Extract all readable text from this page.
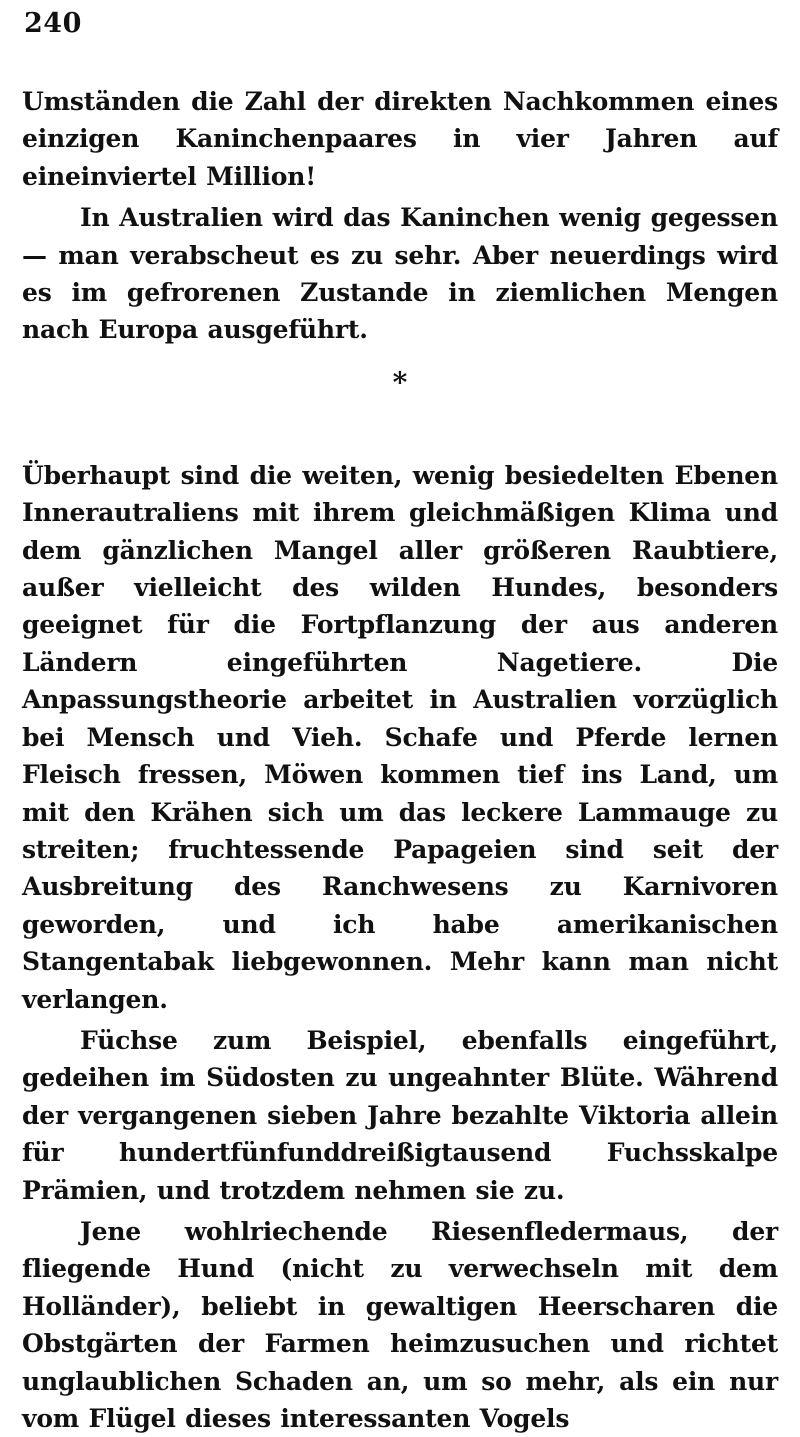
240

Umständen die Zahl der direkten Nachkommen eines einzigen Kaninchenpaares in vier Jahren auf eineinviertel Million!

In Australien wird das Kaninchen wenig gegessen — man verabscheut es zu sehr. Aber neuerdings wird es im gefrorenen Zustande in ziemlichen Mengen nach Europa ausgeführt.

*

Überhaupt sind die weiten, wenig besiedelten Ebenen Innerautraliens mit ihrem gleichmäßigen Klima und dem gänzlichen Mangel aller größeren Raubtiere, außer vielleicht des wilden Hundes, besonders geeignet für die Fortpflanzung der aus anderen Ländern eingeführten Nagetiere. Die Anpassungstheorie arbeitet in Australien vorzüglich bei Mensch und Vieh. Schafe und Pferde lernen Fleisch fressen, Möwen kommen tief ins Land, um mit den Krähen sich um das leckere Lammauge zu streiten; fruchtessende Papageien sind seit der Ausbreitung des Ranchwesens zu Karnivoren geworden, und ich habe amerikanischen Stangentabak liebgewonnen. Mehr kann man nicht verlangen.

Füchse zum Beispiel, ebenfalls eingeführt, gedeihen im Südosten zu ungeahnter Blüte. Während der vergangenen sieben Jahre bezahlte Viktoria allein für hundertfünfunddreißigtausend Fuchsskalpe Prämien, und trotzdem nehmen sie zu.

Jene wohlriechende Riesenfledermaus, der fliegende Hund (nicht zu verwechseln mit dem Holländer), beliebt in gewaltigen Heerscharen die Obstgärten der Farmen heimzusuchen und richtet unglaublichen Schaden an, um so mehr, als ein nur vom Flügel dieses interessanten Vogels
